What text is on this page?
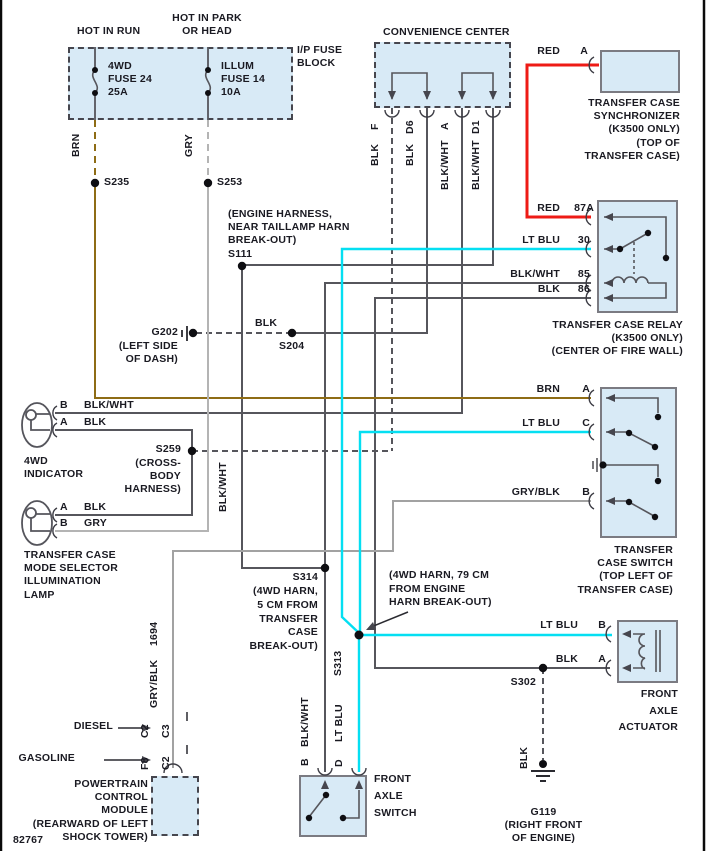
HOT IN RUN
HOT IN PARK
OR HEAD
I/P FUSE
BLOCK
4WD
FUSE 24
25A
ILLUM
FUSE 14
10A
BRN	GRY
S235	S253
CONVENIENCE CENTER
F D6 A D1
BLK BLK BLK/WHT BLK/WHT
RED A
TRANSFER CASE
SYNCHRONIZER
(K3500 ONLY)
(TOP OF
TRANSFER CASE)
RED 87A
LT BLU 30
BLK/WHT 85
BLK 86
TRANSFER CASE RELAY
(K3500 ONLY)
(CENTER OF FIRE WALL)
BRN A
LT BLU C
GRY/BLK B
TRANSFER
CASE SWITCH
(TOP LEFT OF
TRANSFER CASE)
(ENGINE HARNESS,
NEAR TAILLAMP HARN
BREAK-OUT)
S111
G202
(LEFT SIDE
OF DASH)
BLK
S204
B BLK/WHT
A BLK
4WD
INDICATOR
S259
(CROSS-
BODY
HARNESS)
A BLK
B GRY
TRANSFER CASE
MODE SELECTOR
ILLUMINATION
LAMP
BLK/WHT
1694
GRY/BLK
S314
(4WD HARN,
5 CM FROM
TRANSFER
CASE
BREAK-OUT)
(4WD HARN, 79 CM
FROM ENGINE
HARN BREAK-OUT)
S313
DIESEL
GASOLINE
C2
F8
C3
C2
POWERTRAIN
CONTROL
MODULE
(REARWARD OF LEFT
SHOCK TOWER)
82767
BLK/WHT LT BLU
B D
FRONT
AXLE
SWITCH
LT BLU B
BLK A
FRONT
AXLE
ACTUATOR
S302
BLK
G119
(RIGHT FRONT
OF ENGINE)
